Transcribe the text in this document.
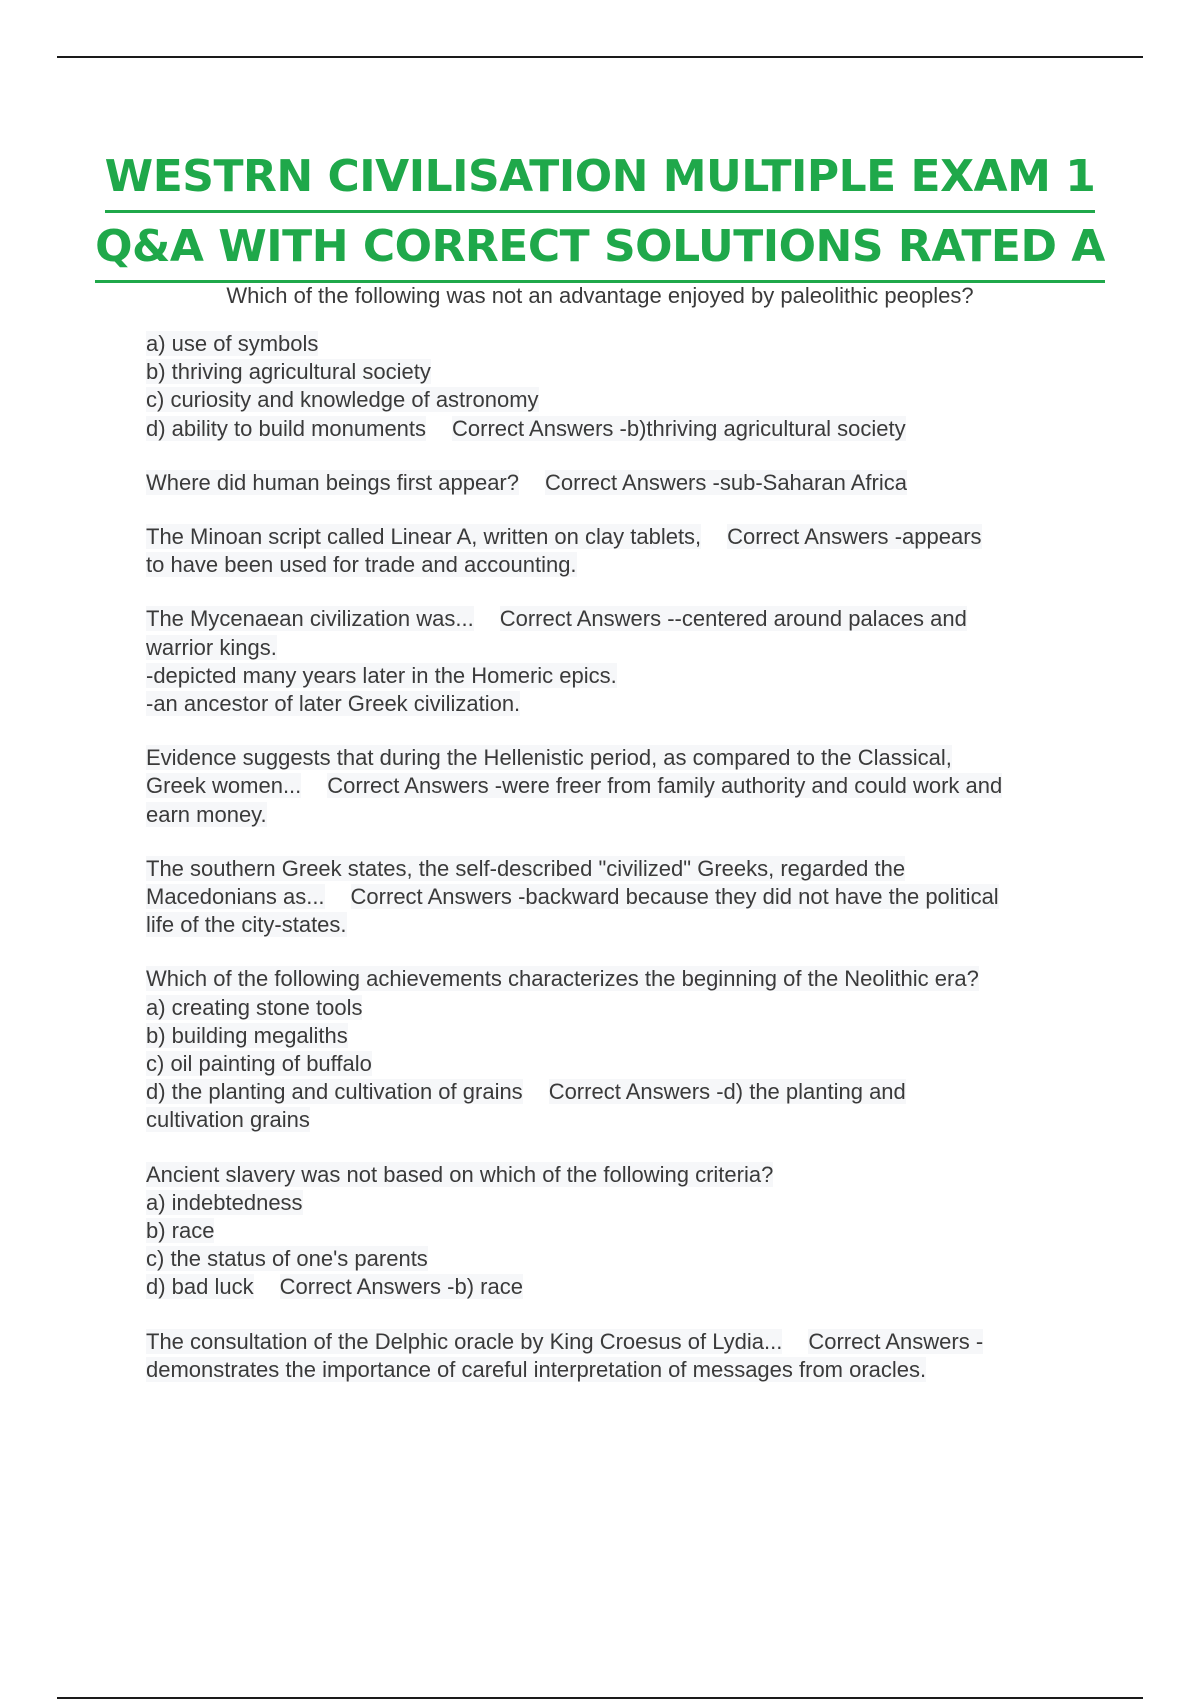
WESTRN CIVILISATION MULTIPLE EXAM 1
Q&A WITH CORRECT SOLUTIONS RATED A
Which of the following was not an advantage enjoyed by paleolithic peoples?
a) use of symbols
b) thriving agricultural society
c) curiosity and knowledge of astronomy
d) ability to build monuments Correct Answers -b)thriving agricultural society
Where did human beings first appear? Correct Answers -sub-Saharan Africa
The Minoan script called Linear A, written on clay tablets, Correct Answers -appears
to have been used for trade and accounting.
The Mycenaean civilization was... Correct Answers --centered around palaces and
warrior kings.
-depicted many years later in the Homeric epics.
-an ancestor of later Greek civilization.
Evidence suggests that during the Hellenistic period, as compared to the Classical,
Greek women... Correct Answers -were freer from family authority and could work and
earn money.
The southern Greek states, the self-described "civilized" Greeks, regarded the
Macedonians as... Correct Answers -backward because they did not have the political
life of the city-states.
Which of the following achievements characterizes the beginning of the Neolithic era?
a) creating stone tools
b) building megaliths
c) oil painting of buffalo
d) the planting and cultivation of grains Correct Answers -d) the planting and
cultivation grains
Ancient slavery was not based on which of the following criteria?
a) indebtedness
b) race
c) the status of one's parents
d) bad luck Correct Answers -b) race
The consultation of the Delphic oracle by King Croesus of Lydia... Correct Answers -
demonstrates the importance of careful interpretation of messages from oracles.
